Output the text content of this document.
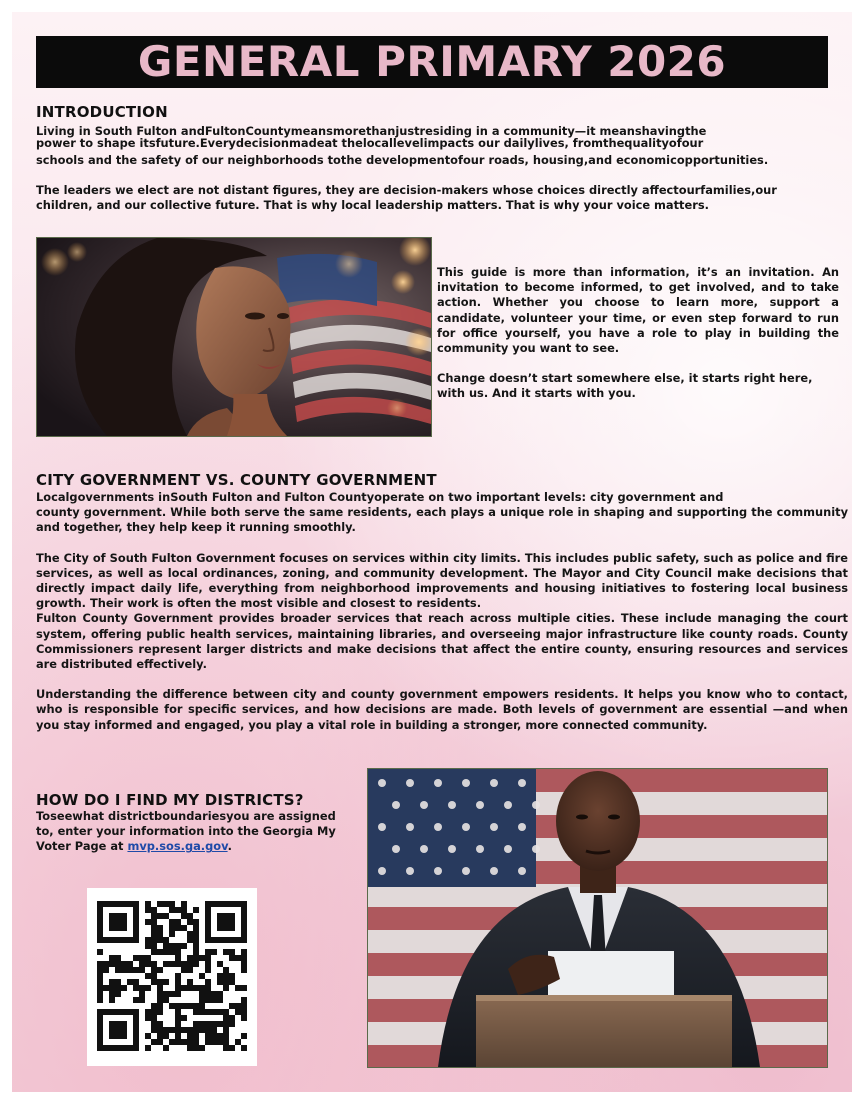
GENERAL PRIMARY 2026
INTRODUCTION

Living in South Fulton andFultonCountymeansmorethanjustresiding in a community—it meanshavingthe

power to shape itsfuture.Everydecisionmadeat thelocallevelimpacts our dailylives, fromthequalityofour

schools and the safety of our neighborhoods tothe developmentofour roads, housing,and economicopportunities.

The leaders we elect are not distant figures, they are decision-makers whose choices directly affectourfamilies,our children, and our collective future. That is why local leadership matters. That is why your voice matters.

This guide is more than information, it’s an invitation. An invitation to become informed, to get involved, and to take action. Whether you choose to learn more, support a candidate, volunteer your time, or even step forward to run for office yourself, you have a role to play in building the community you want to see.

Change doesn’t start somewhere else, it starts right here, with us. And it starts with you.

CITY GOVERNMENT VS. COUNTY GOVERNMENT

Localgovernments inSouth Fulton and Fulton Countyoperate on two important levels: city government and

county government. While both serve the same residents, each plays a unique role in shaping and supporting the community and together, they help keep it running smoothly.

The City of South Fulton Government focuses on services within city limits. This includes public safety, such as police and fire services, as well as local ordinances, zoning, and community development. The Mayor and City Council make decisions that directly impact daily life, everything from neighborhood improvements and housing initiatives to fostering local business growth. Their work is often the most visible and closest to residents.

Fulton County Government provides broader services that reach across multiple cities. These include managing the court system, offering public health services, maintaining libraries, and overseeing major infrastructure like county roads. County Commissioners represent larger districts and make decisions that affect the entire county, ensuring resources and services are distributed effectively.

Understanding the difference between city and county government empowers residents. It helps you know who to contact, who is responsible for specific services, and how decisions are made. Both levels of government are essential —and when you stay informed and engaged, you play a vital role in building a stronger, more connected community.

HOW DO I FIND MY DISTRICTS?
Toseewhat districtboundariesyou are assigned to, enter your information into the Georgia My Voter Page at mvp.sos.ga.gov.
